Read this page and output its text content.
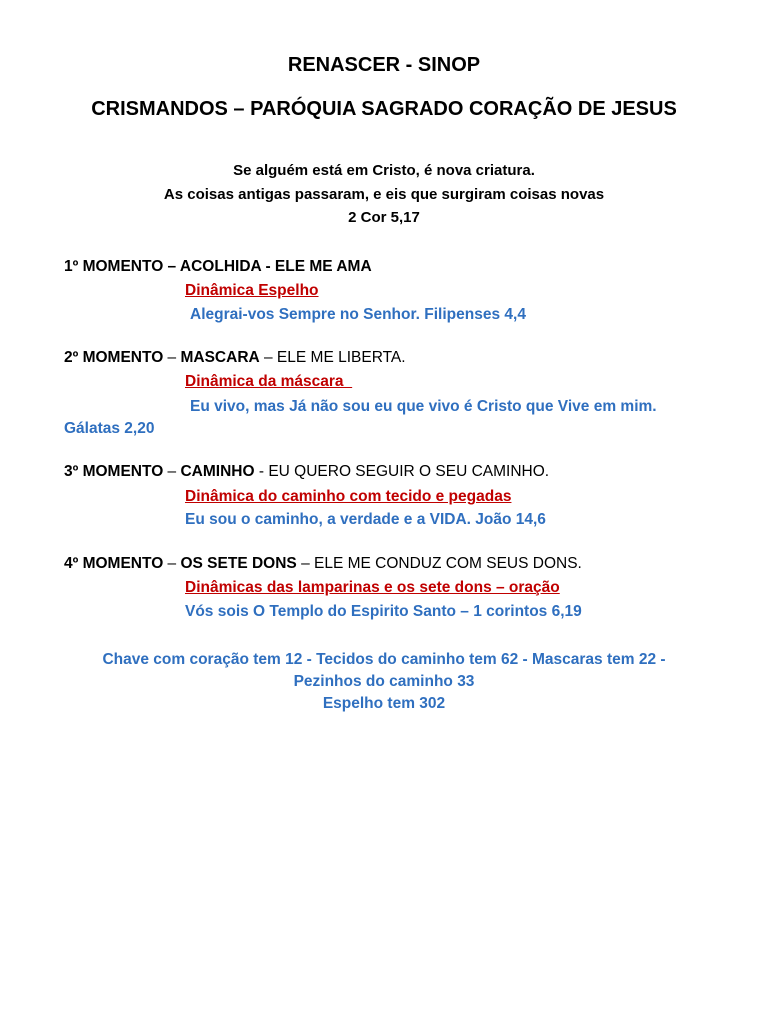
RENASCER - SINOP
CRISMANDOS – PARÓQUIA SAGRADO CORAÇÃO DE JESUS
Se alguém está em Cristo, é nova criatura.
As coisas antigas passaram, e eis que surgiram coisas novas
2 Cor 5,17
1º MOMENTO – ACOLHIDA - ELE ME AMA
Dinâmica Espelho
Alegrai-vos Sempre no Senhor. Filipenses 4,4
2º MOMENTO – MASCARA – ELE ME LIBERTA.
Dinâmica da máscara
Eu vivo, mas Já não sou eu que vivo é Cristo que Vive em mim.
Gálatas 2,20
3º MOMENTO – CAMINHO - EU QUERO SEGUIR O SEU CAMINHO.
Dinâmica do caminho com tecido e pegadas
Eu sou o caminho, a verdade e a VIDA. João 14,6
4º MOMENTO – OS SETE DONS – ELE ME CONDUZ COM SEUS DONS.
Dinâmicas das lamparinas e os sete dons – oração
Vós sois O Templo do Espirito Santo – 1 corintos 6,19
Chave com coração tem 12 - Tecidos do caminho tem 62 - Mascaras tem 22 -
Pezinhos do caminho 33
Espelho tem 302
